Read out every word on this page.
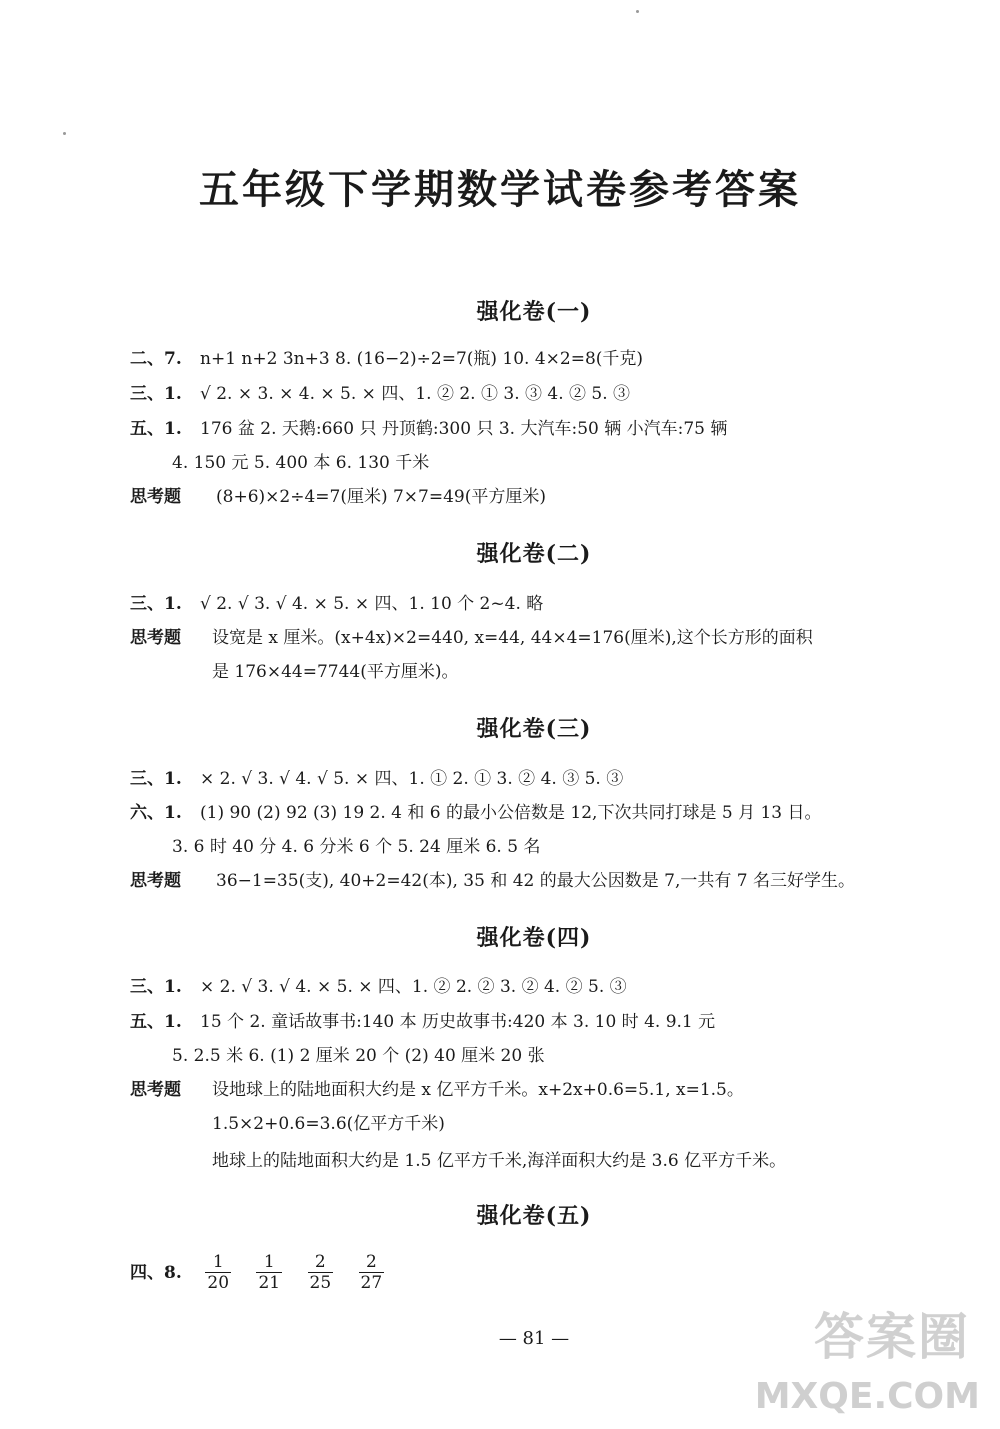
五年级下学期数学试卷参考答案
强化卷(一)
二、7. n+1 n+2 3n+3 8. (16−2)÷2=7(瓶) 10. 4×2=8(千克)
三、1. √ 2. × 3. × 4. × 5. × 四、1. ② 2. ① 3. ③ 4. ② 5. ③
五、1. 176 盆 2. 天鹅:660 只 丹顶鹤:300 只 3. 大汽车:50 辆 小汽车:75 辆
4. 150 元 5. 400 本 6. 130 千米
思考题 (8+6)×2÷4=7(厘米) 7×7=49(平方厘米)
强化卷(二)
三、1. √ 2. √ 3. √ 4. × 5. × 四、1. 10 个 2~4. 略
思考题 设宽是 x 厘米。(x+4x)×2=440, x=44, 44×4=176(厘米),这个长方形的面积
是 176×44=7744(平方厘米)。
强化卷(三)
三、1. × 2. √ 3. √ 4. √ 5. × 四、1. ① 2. ① 3. ② 4. ③ 5. ③
六、1. (1) 90 (2) 92 (3) 19 2. 4 和 6 的最小公倍数是 12,下次共同打球是 5 月 13 日。
3. 6 时 40 分 4. 6 分米 6 个 5. 24 厘米 6. 5 名
思考题 36−1=35(支), 40+2=42(本), 35 和 42 的最大公因数是 7,一共有 7 名三好学生。
强化卷(四)
三、1. × 2. √ 3. √ 4. × 5. × 四、1. ② 2. ② 3. ② 4. ② 5. ③
五、1. 15 个 2. 童话故事书:140 本 历史故事书:420 本 3. 10 时 4. 9.1 元
5. 2.5 米 6. (1) 2 厘米 20 个 (2) 40 厘米 20 张
思考题 设地球上的陆地面积大约是 x 亿平方千米。x+2x+0.6=5.1, x=1.5。
1.5×2+0.6=3.6(亿平方千米)
地球上的陆地面积大约是 1.5 亿平方千米,海洋面积大约是 3.6 亿平方千米。
强化卷(五)
四、8. $\frac{1}{20}$
$\frac{1}{21}$
$\frac{2}{25}$
$\frac{2}{27}$
— 81 —	答案圈
MXQE.COM
